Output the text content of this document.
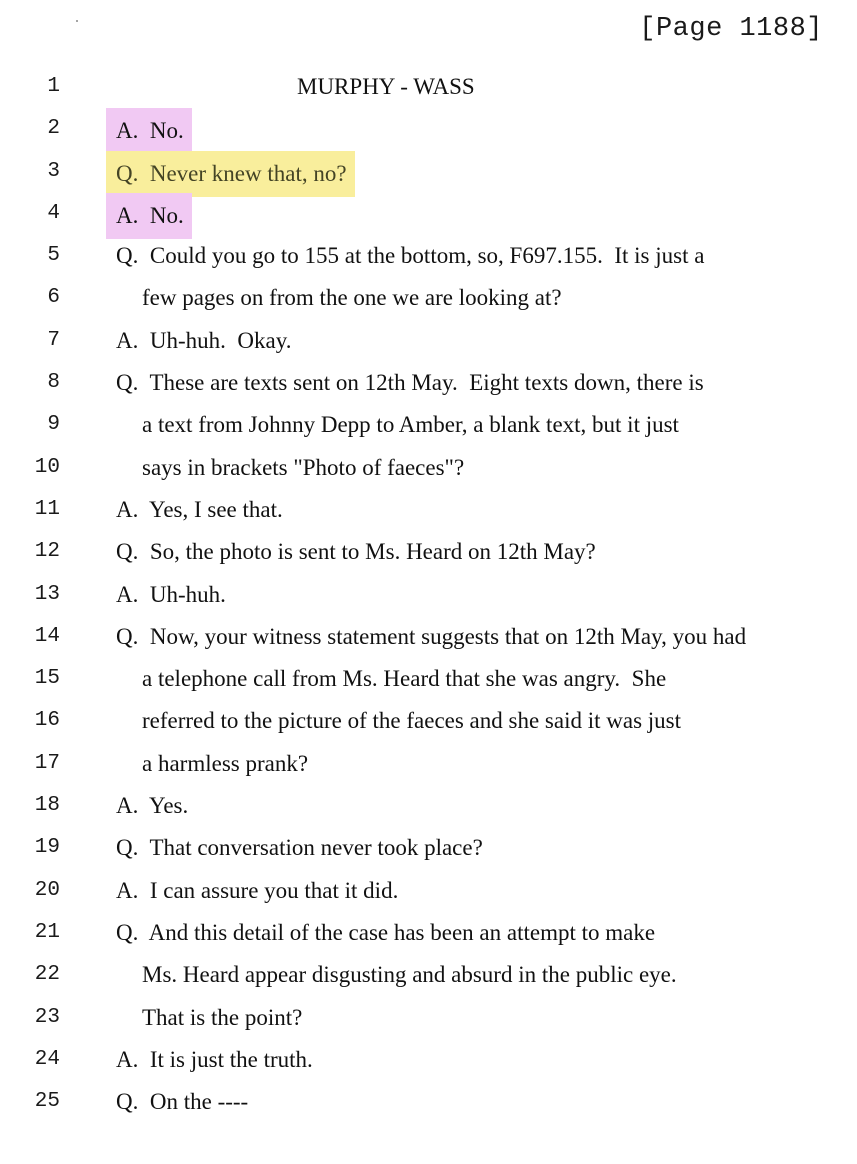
[Page 1188]
1	MURPHY - WASS
2	A.  No.
3	Q.  Never knew that, no?
4	A.  No.
5 Q.  Could you go to 155 at the bottom, so, F697.155.  It is just a
6	few pages on from the one we are looking at?
7 A.  Uh-huh.  Okay.
8 Q.  These are texts sent on 12th May.  Eight texts down, there is
9	a text from Johnny Depp to Amber, a blank text, but it just
10	says in brackets "Photo of faeces"?
11 A.  Yes, I see that.
12 Q.  So, the photo is sent to Ms. Heard on 12th May?
13 A.  Uh-huh.
14 Q.  Now, your witness statement suggests that on 12th May, you had
15	a telephone call from Ms. Heard that she was angry.  She
16	referred to the picture of the faeces and she said it was just
17	a harmless prank?
18 A.  Yes.
19 Q.  That conversation never took place?
20 A.  I can assure you that it did.
21 Q.  And this detail of the case has been an attempt to make
22	Ms. Heard appear disgusting and absurd in the public eye.
23	That is the point?
24 A.  It is just the truth.
25 Q.  On the ----
